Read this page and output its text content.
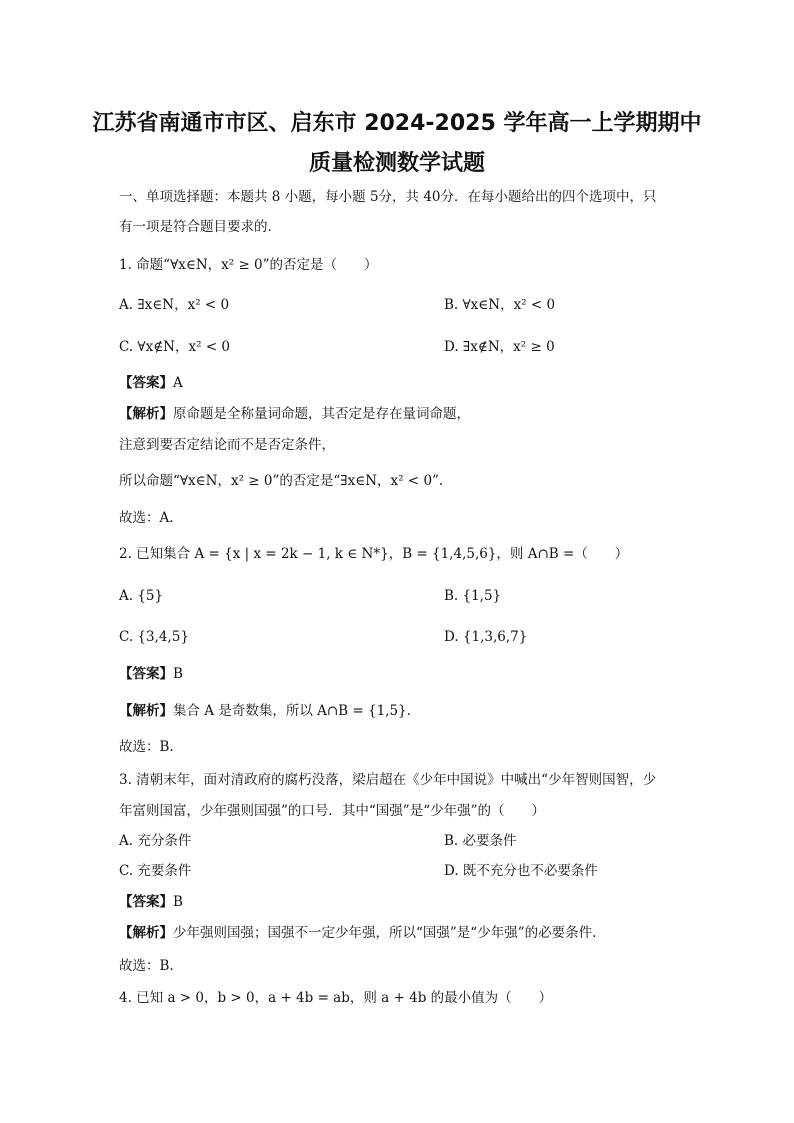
江苏省南通市市区、启东市 2024-2025 学年高一上学期期中
质量检测数学试题
一、单项选择题：本题共 8 小题，每小题 5分，共 40分．在每小题给出的四个选项中，只
有一项是符合题目要求的．
1. 命题“∀x∈N，x² ≥ 0”的否定是（　　）
A. ∃x∈N，x² < 0	B. ∀x∈N，x² < 0
C. ∀x∉N，x² < 0	D. ∃x∉N，x² ≥ 0
【答案】A
【解析】原命题是全称量词命题，其否定是存在量词命题，
注意到要否定结论而不是否定条件，
所以命题“∀x∈N，x² ≥ 0”的否定是“∃x∈N，x² < 0”.
故选：A.
2. 已知集合 A = {x | x = 2k − 1, k ∈ N*}，B = {1,4,5,6}，则 A∩B =（　　）
A. {5}	B. {1,5}
C. {3,4,5}	D. {1,3,6,7}
【答案】B
【解析】集合 A 是奇数集，所以 A∩B = {1,5}.
故选：B.
3. 清朝末年，面对清政府的腐朽没落，梁启超在《少年中国说》中喊出“少年智则国智，少
年富则国富，少年强则国强”的口号．其中“国强”是“少年强”的（　　）
A. 充分条件	B. 必要条件
C. 充要条件	D. 既不充分也不必要条件
【答案】B
【解析】少年强则国强；国强不一定少年强，所以“国强”是“少年强”的必要条件.
故选：B.
4. 已知 a > 0，b > 0，a + 4b = ab，则 a + 4b 的最小值为（　　）
